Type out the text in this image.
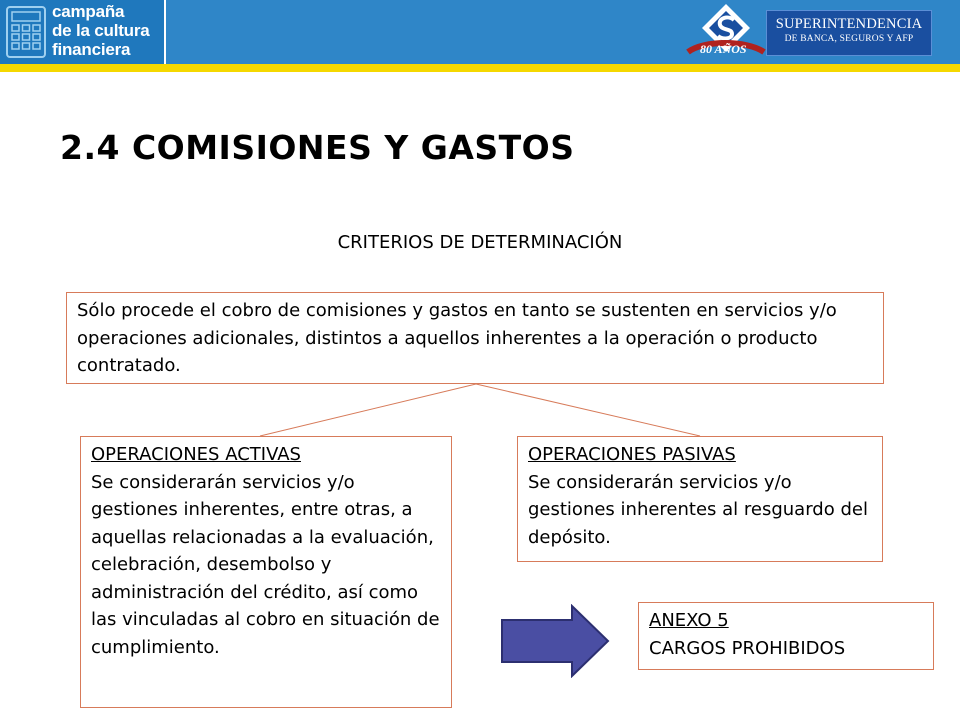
campaña
de la cultura
financiera	80 AÑOS
SUPERINTENDENCIA
DE BANCA, SEGUROS Y AFP
2.4 COMISIONES Y GASTOS
CRITERIOS DE DETERMINACIÓN
Sólo procede el cobro de comisiones y gastos en tanto se sustenten en servicios y/o operaciones adicionales, distintos a aquellos inherentes a la operación o producto contratado.
OPERACIONES ACTIVAS
Se considerarán servicios y/o gestiones inherentes, entre otras, a aquellas relacionadas a la evaluación, celebración, desembolso y administración del crédito, así como las vinculadas al cobro en situación de cumplimiento.
OPERACIONES PASIVAS
Se considerarán servicios y/o gestiones inherentes al resguardo del depósito.
ANEXO 5
CARGOS PROHIBIDOS
